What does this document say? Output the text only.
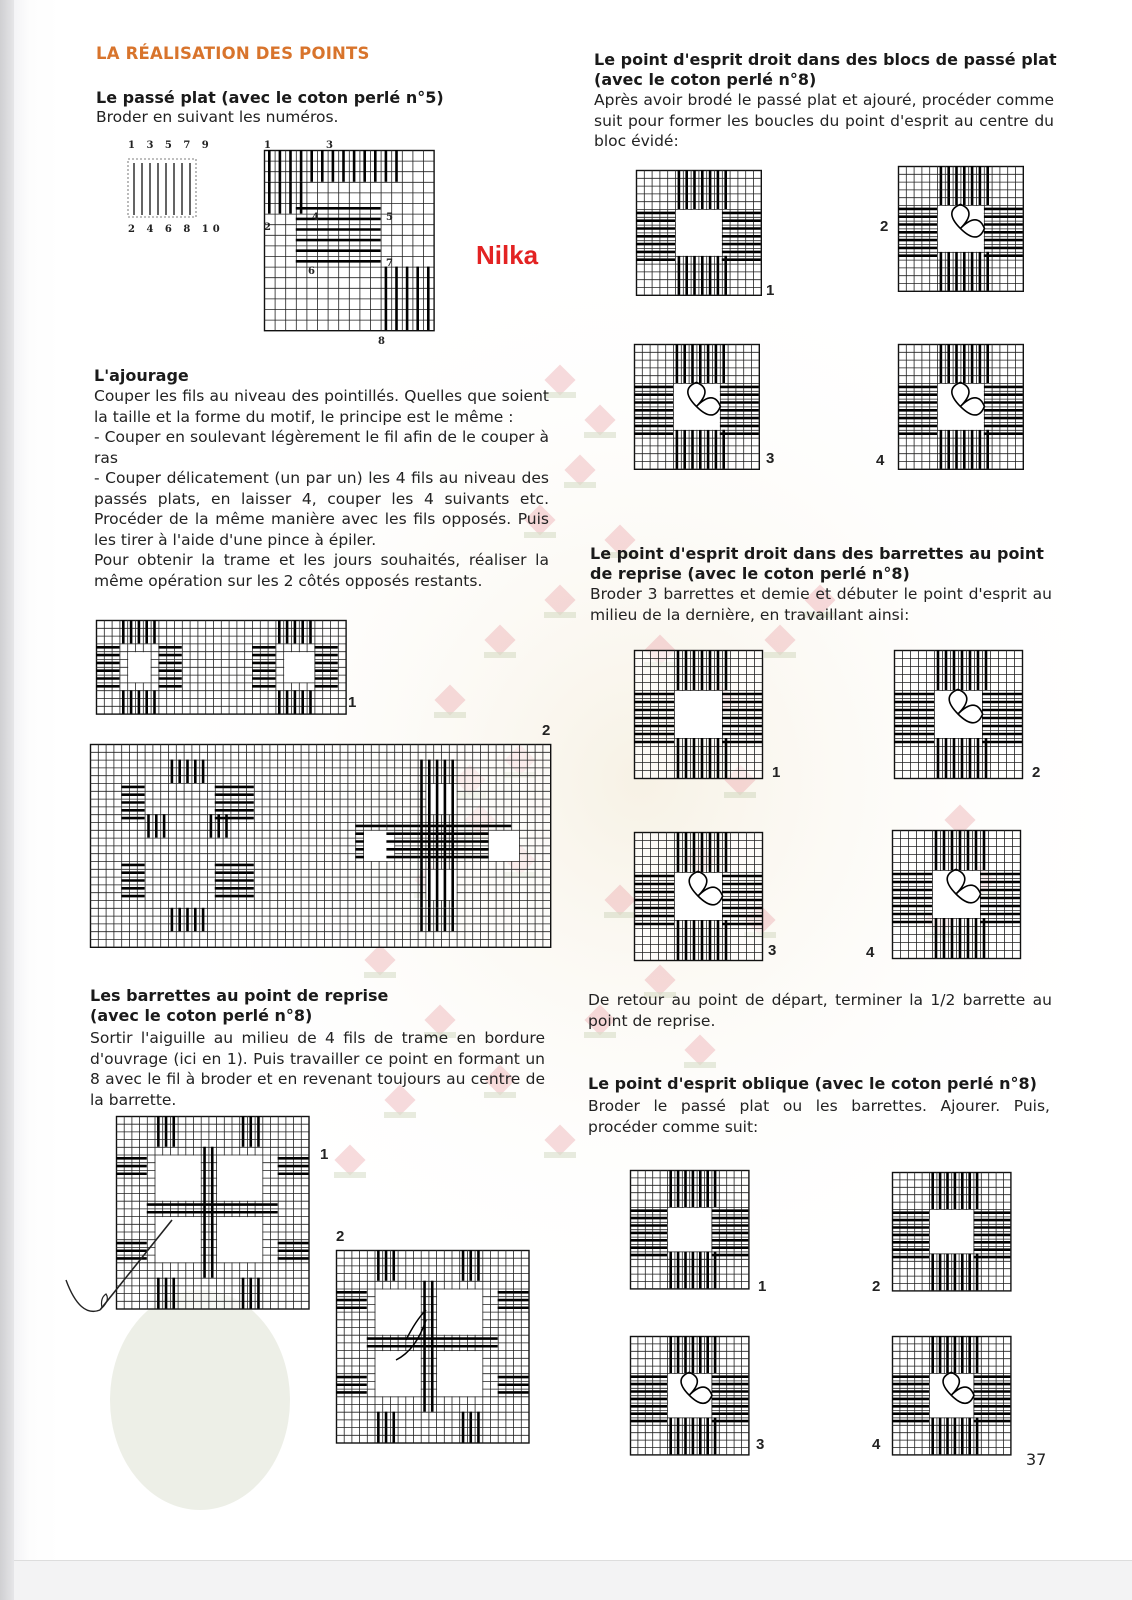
LA RÉALISATION DES POINTS
Le passé plat (avec le coton perlé n°5)
Broder en suivant les numéros.
1 3 5 7 9
2 4 6 8 10
1	3
2
4	5
6
7
8
Nilka
L'ajourage
Couper les fils au niveau des pointillés. Quelles que soient la taille et la forme du motif, le principe est le même :
- Couper en soulevant légèrement le fil afin de le couper à ras
- Couper délicatement (un par un) les 4 fils au niveau des passés plats, en laisser 4, couper les 4 suivants etc. Procéder de la même manière avec les fils opposés. Puis les tirer à l'aide d'une pince à épiler.
Pour obtenir la trame et les jours souhaités, réaliser la même opération sur les 2 côtés opposés restants.
1
2
Les barrettes au point de reprise
(avec le coton perlé n°8)
Sortir l'aiguille au milieu de 4 fils de trame en bordure d'ouvrage (ici en 1). Puis travailler ce point en formant un 8 avec le fil à broder et en revenant toujours au centre de la barrette.
1
2
Le point d'esprit droit dans des blocs de passé plat
(avec le coton perlé n°8)
Après avoir brodé le passé plat et ajouré, procéder comme suit pour former les boucles du point d'esprit au centre du bloc évidé:
1
2
3	4
Le point d'esprit droit dans des barrettes au point
de reprise (avec le coton perlé n°8)
Broder 3 barrettes et demie et débuter le point d'esprit au milieu de la dernière, en travaillant ainsi:
1	2
3	4
De retour au point de départ, terminer la 1/2 barrette au point de reprise.
Le point d'esprit oblique (avec le coton perlé n°8)
Broder le passé plat ou les barrettes. Ajourer. Puis, procéder comme suit:
1	2
3	4
37
